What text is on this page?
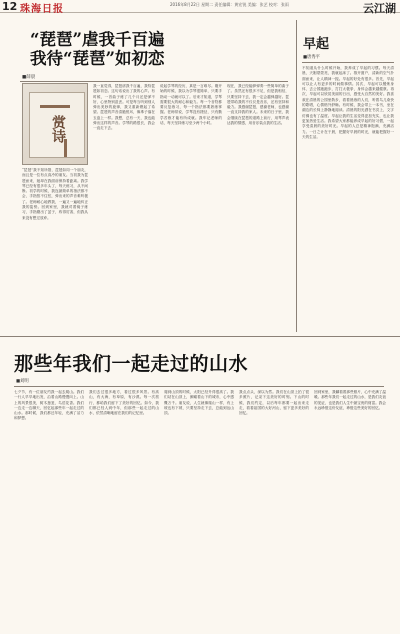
12 珠海日报	2016年8月22日 星期二 责任编辑：黄宏锐 美编：张艺 校对：张雨	云江湖
“琵琶”虐我千百遍
我待“琵琶”如初恋
■薛晨
赏诗
“琵琶”我不知所措，琵琶如同一个朋友，而且是一位有点高冷的朋友。当初我为琵琶而来，她却在我面前保持着距离。我学琴已经有很多年头了，每天练习，从不间断。初学的时候，我连最简单的指法都不会，手指按不住弦，弹出来的声音难听极了。老师耐心地教我，一遍又一遍地纠正我的姿势。回到家里，我就对着镜子练习，手指磨出了茧子，疼得厉害，但我从来没有想过放弃。
我一直觉得，琵琶虐我千百遍，我待琵琶如初恋。这句话说出了我的心声。有时候，一首曲子练了几个月还是弹不好，心里特别沮丧。可是每当听到别人弹出美妙的旋律，我又重新燃起了希望。琵琶的声音清脆悦耳，像珠子落在玉盘上一样。我想，总有一天，我也能弹出这样的声音。学琴的路很长，我会一直走下去。
说起学琴的经历，真是一言难尽。刚开始的时候，我以为学琴很简单，只要手指动一动就可以了。后来才知道，学琴需要很大的耐心和毅力。每一个音符都要反复练习，每一个指法都要熟练掌握。老师常说，学琴没有捷径，只有勤学苦练才能有所成就。我牢记老师的话，每天坚持练习至少两个小时。
现在，我已经能够弹奏一些简单的曲子了。虽然还有很多不足，但是我相信，只要坚持下去，我一定会越弹越好。琵琶带给我的不仅仅是音乐，还有坚持和毅力。我感谢琵琶，感谢老师，也感谢一直支持我的家人。未来的日子里，我会继续在琵琶的道路上前行，用琴声表达我的情感，用音乐装点我的生活。
早起
■唐秀平
不知道从什么时候开始，我养成了早起的习惯。每天清晨，天刚蒙蒙亮，我就起床了。推开窗户，清新的空气扑面而来，让人精神一振。早起的好处有很多。首先，早起可以让人有更多的时间做事情。其次，早起可以锻炼身体，去公园跑跑步，打打太极拳，身体会越来越健康。再次，早起可以欣赏美丽的日出，感受大自然的美好。我喜欢在清晨的公园里散步，看着晨练的人们，听着鸟儿欢快的歌唱，心情格外舒畅。有时候，我会带上一本书，坐在湖边的长椅上静静地阅读。清晨的阳光洒在书页上，文字仿佛也有了温度。早起让我的生活变得更加充实，也让我更加热爱生活。我希望大家都能养成早起的好习惯，一起享受清晨的美好时光。早起的人总是精神饱满，充满活力。一日之计在于晨，把握好早晨的时光，就能把握好一天的生活。
那些年我们一起走过的山水
■刘明
七夕节，有一位朋友约我一起去爬山。我们一行人早早地出发，沿着山路慢慢向上。山上的风景很美，树木葱茏，鸟语花香。我们一边走一边聊天，回忆起那些年一起走过的山水。那时候，我们都还年轻，充满了活力和梦想。
我们去过很多地方，看过很多风景。有高山，有大海，有草原，有沙漠。每一次旅行，都给我们留下了美好的回忆。如今，我们都已经人到中年，但那些一起走过的山水，依然清晰地留在我们的记忆里。
爬到山顶的时候，太阳已经升得很高了。我们站在山顶上，俯瞰着山下的城市，心中感慨万千。朋友说，人生就像爬山一样，有上坡也有下坡，只要坚持走下去，总能到达山顶。
我点点头，深以为然。我们在山顶上拍了很多照片，记录下这美好的时刻。下山的时候，我们约定，以后每年都要一起出来走走，看看祖国的大好河山，留下更多美好的回忆。
回到家里，我翻看着那些照片，心中充满了温暖。那些年我们一起走过的山水，是我们友谊的见证，也是我们人生中最宝贵的财富。我会永远珍惜这份友谊，珍惜这些美好的回忆。
